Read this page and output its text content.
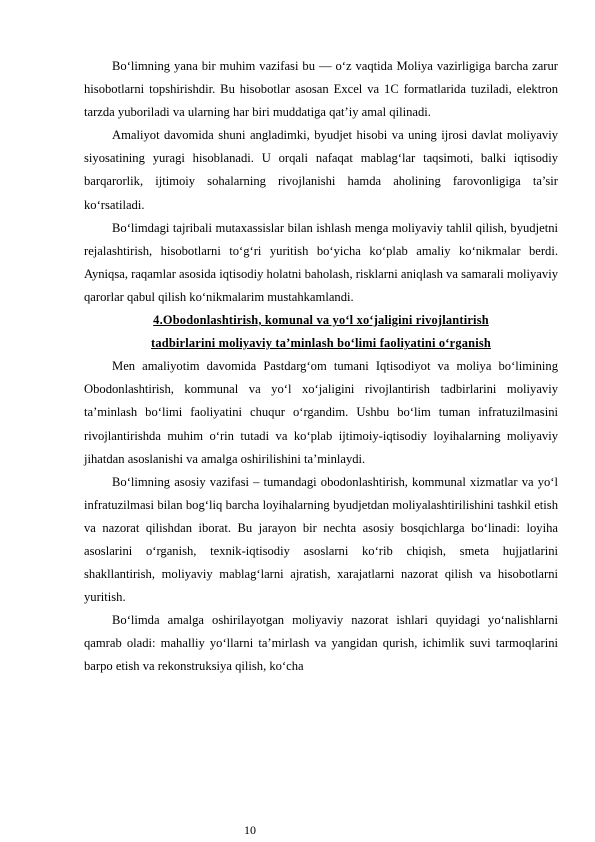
Bo‘limning yana bir muhim vazifasi bu — o‘z vaqtida Moliya vazirligiga barcha zarur hisobotlarni topshirishdir. Bu hisobotlar asosan Excel va 1C formatlarida tuziladi, elektron tarzda yuboriladi va ularning har biri muddatiga qat’iy amal qilinadi.

Amaliyot davomida shuni angladimki, byudjet hisobi va uning ijrosi davlat moliyaviy siyosatining yuragi hisoblanadi. U orqali nafaqat mablag‘lar taqsimoti, balki iqtisodiy barqarorlik, ijtimoiy sohalarning rivojlanishi hamda aholining farovonligiga ta’sir ko‘rsatiladi.

Bo‘limdagi tajribali mutaxassislar bilan ishlash menga moliyaviy tahlil qilish, byudjetni rejalashtirish, hisobotlarni to‘g‘ri yuritish bo‘yicha ko‘plab amaliy ko‘nikmalar berdi. Ayniqsa, raqamlar asosida iqtisodiy holatni baholash, risklarni aniqlash va samarali moliyaviy qarorlar qabul qilish ko‘nikmalarim mustahkamlandi.

4.Obodonlashtirish, komunal va yo‘l xo‘jaligini rivojlantirish
tadbirlarini moliyaviy ta’minlash bo‘limi faoliyatini o‘rganish

Men amaliyotim davomida Pastdarg‘om tumani Iqtisodiyot va moliya bo‘limining Obodonlashtirish, kommunal va yo‘l xo‘jaligini rivojlantirish tadbirlarini moliyaviy ta’minlash bo‘limi faoliyatini chuqur o‘rgandim. Ushbu bo‘lim tuman infratuzilmasini rivojlantirishda muhim o‘rin tutadi va ko‘plab ijtimoiy-iqtisodiy loyihalarning moliyaviy jihatdan asoslanishi va amalga oshirilishini ta’minlaydi.

Bo‘limning asosiy vazifasi – tumandagi obodonlashtirish, kommunal xizmatlar va yo‘l infratuzilmasi bilan bog‘liq barcha loyihalarning byudjetdan moliyalashtirilishini tashkil etish va nazorat qilishdan iborat. Bu jarayon bir nechta asosiy bosqichlarga bo‘linadi: loyiha asoslarini o‘rganish, texnik-iqtisodiy asoslarni ko‘rib chiqish, smeta hujjatlarini shakllantirish, moliyaviy mablag‘larni ajratish, xarajatlarni nazorat qilish va hisobotlarni yuritish.

Bo‘limda amalga oshirilayotgan moliyaviy nazorat ishlari quyidagi yo‘nalishlarni qamrab oladi: mahalliy yo‘llarni ta’mirlash va yangidan qurish, ichimlik suvi tarmoqlarini barpo etish va rekonstruksiya qilish, ko‘cha

10
